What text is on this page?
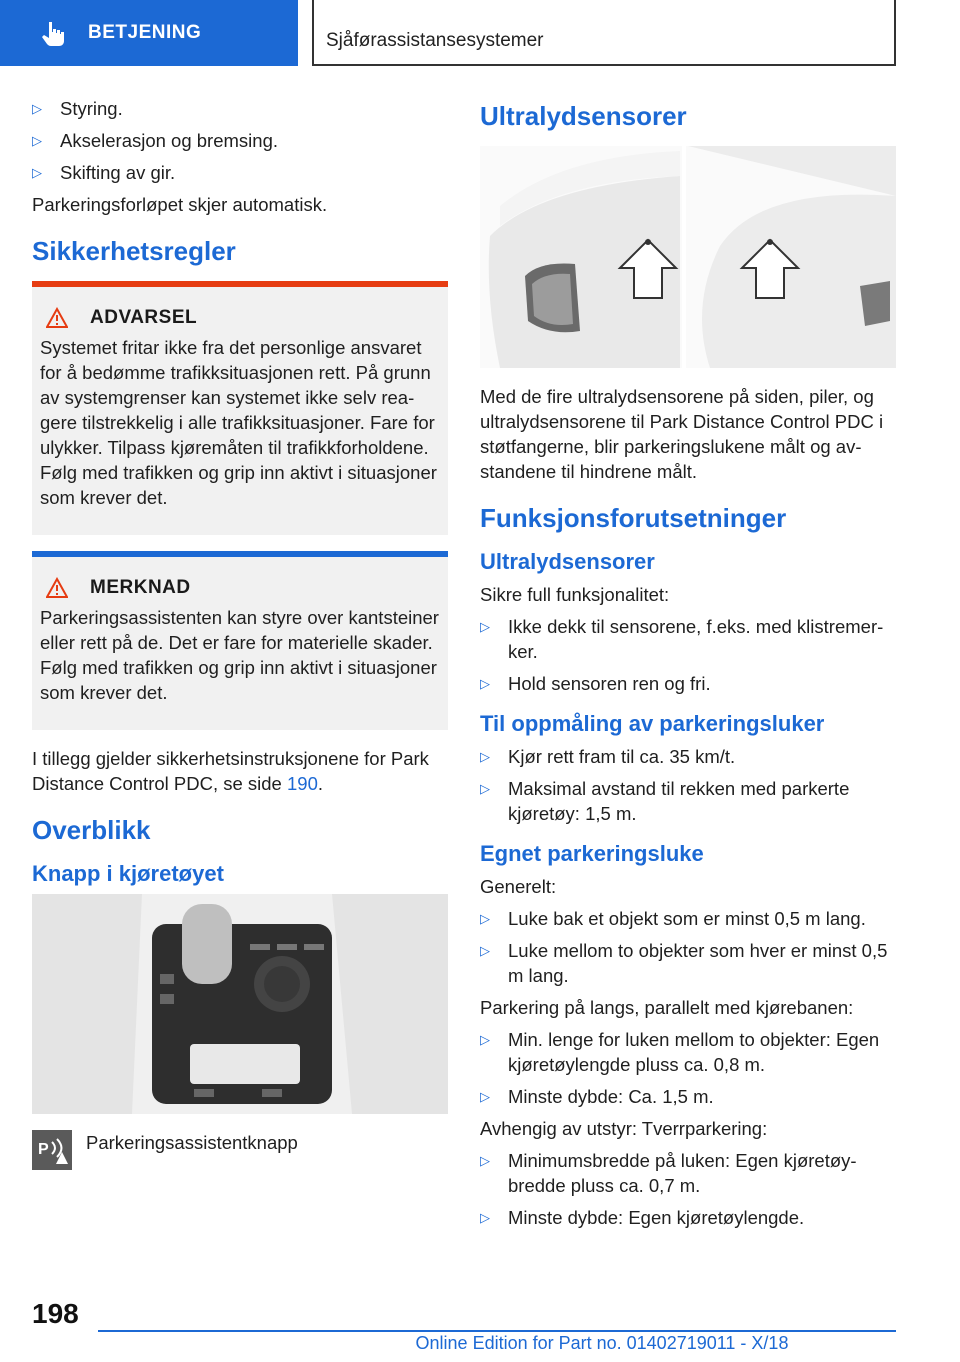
BETJENING	Sjåførassistansesystemer
▷ Styring.
▷ Akselerasjon og bremsing.
▷ Skifting av gir.

Parkeringsforløpet skjer automatisk.

Sikkerhetsregler
ADVARSEL

Systemet fritar ikke fra det personlige ansvaret for å bedømme trafikksituasjonen rett. På grunn av systemgrenser kan systemet ikke selv reagere tilstrekkelig i alle trafikksituasjoner. Fare for ulykker. Tilpass kjøremåten til trafikkforholdene. Følg med trafikken og grip inn aktivt i situasjoner som krever det.

MERKNAD

Parkeringsassistenten kan styre over kantsteiner eller rett på de. Det er fare for materielle skader. Følg med trafikken og grip inn aktivt i situasjoner som krever det.

I tillegg gjelder sikkerhetsinstruksjonene for Park Distance Control PDC, se side 190.

Overblikk
Knapp i kjøretøyet
P Parkeringsassistentknapp
Ultralydsensorer

Med de fire ultralydsensorene på siden, piler, og ultralydsensorene til Park Distance Control PDC i støtfangerne, blir parkeringslukene målt og avstandene til hindrene målt.

Funksjonsforutsetninger
Ultralydsensorer

Sikre full funksjonalitet:

▷ Ikke dekk til sensorene, f.eks. med klistremerker.
▷ Hold sensoren ren og fri.
Til oppmåling av parkeringsluker
▷ Kjør rett fram til ca. 35 km/t.
▷ Maksimal avstand til rekken med parkerte kjøretøy: 1,5 m.
Egnet parkeringsluke

Generelt:

▷ Luke bak et objekt som er minst 0,5 m lang.
▷ Luke mellom to objekter som hver er minst 0,5 m lang.

Parkering på langs, parallelt med kjørebanen:

▷ Min. lenge for luken mellom to objekter: Egen kjøretøylengde pluss ca. 0,8 m.
▷ Minste dybde: Ca. 1,5 m.

Avhengig av utstyr: Tverrparkering:

▷ Minimumsbredde på luken: Egen kjøretøybredde pluss ca. 0,7 m.
▷ Minste dybde: Egen kjøretøylengde.
198
Online Edition for Part no. 01402719011 - X/18
